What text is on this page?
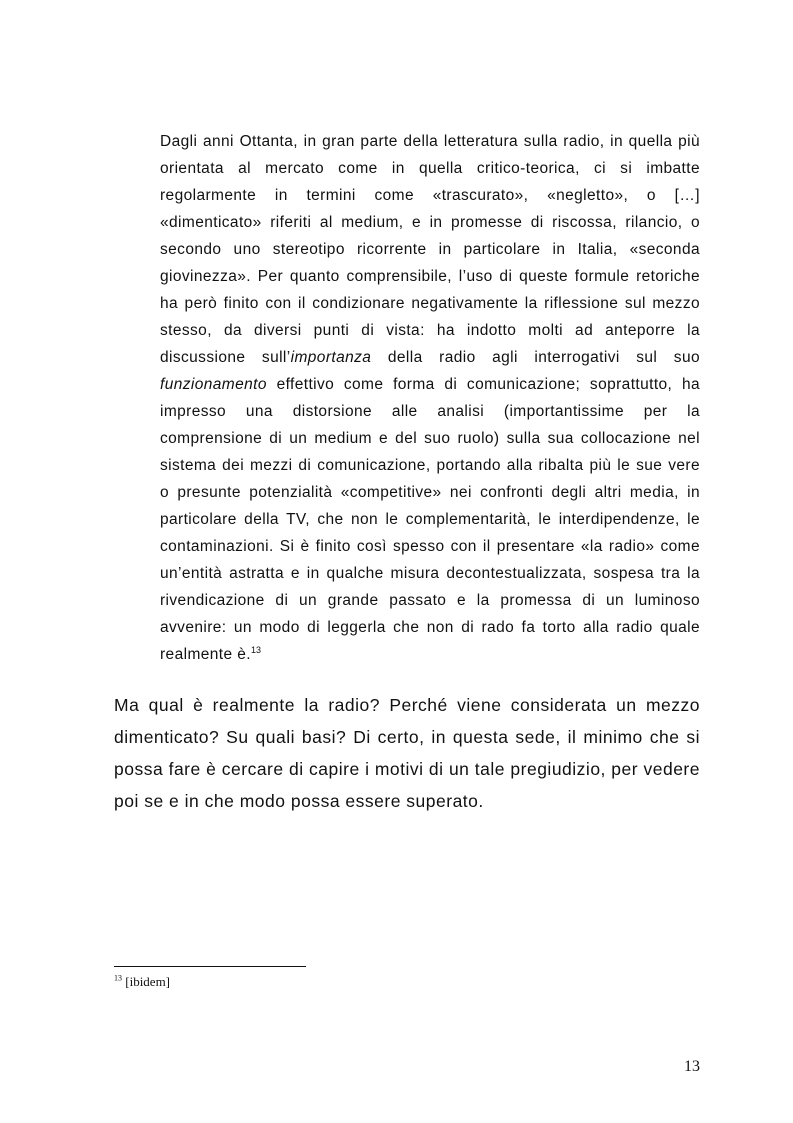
Dagli anni Ottanta, in gran parte della letteratura sulla radio, in quella più orientata al mercato come in quella critico-teorica, ci si imbatte regolarmente in termini come «trascurato», «negletto», o […] «dimenticato» riferiti al medium, e in promesse di riscossa, rilancio, o secondo uno stereotipo ricorrente in particolare in Italia, «seconda giovinezza». Per quanto comprensibile, l’uso di queste formule retoriche ha però finito con il condizionare negativamente la riflessione sul mezzo stesso, da diversi punti di vista: ha indotto molti ad anteporre la discussione sull’importanza della radio agli interrogativi sul suo funzionamento effettivo come forma di comunicazione; soprattutto, ha impresso una distorsione alle analisi (importantissime per la comprensione di un medium e del suo ruolo) sulla sua collocazione nel sistema dei mezzi di comunicazione, portando alla ribalta più le sue vere o presunte potenzialità «competitive» nei confronti degli altri media, in particolare della TV, che non le complementarità, le interdipendenze, le contaminazioni. Si è finito così spesso con il presentare «la radio» come un’entità astratta e in qualche misura decontestualizzata, sospesa tra la rivendicazione di un grande passato e la promessa di un luminoso avvenire: un modo di leggerla che non di rado fa torto alla radio quale realmente è.$^{13}$

Ma qual è realmente la radio? Perché viene considerata un mezzo dimenticato? Su quali basi? Di certo, in questa sede, il minimo che si possa fare è cercare di capire i motivi di un tale pregiudizio, per vedere poi se e in che modo possa essere superato.

$^{13}$ [ibidem]

13
